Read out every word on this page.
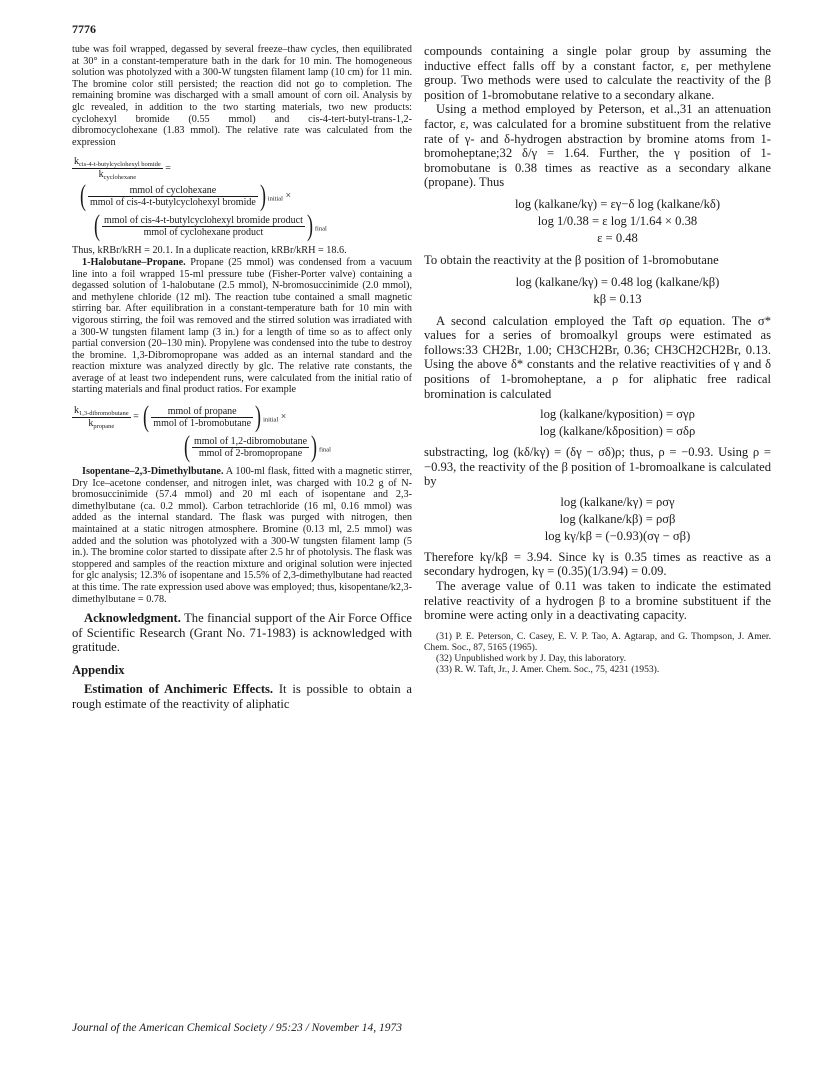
7776

tube was foil wrapped, degassed by several freeze–thaw cycles, then equilibrated at 30° in a constant-temperature bath in the dark for 10 min. The homogeneous solution was photolyzed with a 300-W tungsten filament lamp (10 cm) for 11 min. The bromine color still persisted; the reaction did not go to completion. The remaining bromine was discharged with a small amount of corn oil. Analysis by glc revealed, in addition to the two starting materials, two new products: cyclohexyl bromide (0.55 mmol) and cis-4-tert-butyl-trans-1,2-dibromocyclohexane (1.83 mmol). The relative rate was calculated from the expression

$\frac{k_{cis-4-t-butylcyclohexyl bomide}}{k_{cyclohexane}}$ =
( $\frac{\text{mmol of cyclohexane}}{\text{mmol of cis-4-t-butylcyclohexyl bromide}}$ ) $_{initial}$ ×
( $\frac{\text{mmol of cis-4-t-butylcyclohexyl bromide product}}{\text{mmol of cyclohexane product}}$ ) $_{final}$

Thus, kRBr/kRH = 20.1. In a duplicate reaction, kRBr/kRH = 18.6.

1-Halobutane–Propane. Propane (25 mmol) was condensed from a vacuum line into a foil wrapped 15-ml pressure tube (Fisher-Porter valve) containing a degassed solution of 1-halobutane (2.5 mmol), N-bromosuccinimide (2.0 mmol), and methylene chloride (12 ml). The reaction tube contained a small magnetic stirring bar. After equilibration in a constant-temperature bath for 10 min with vigorous stirring, the foil was removed and the stirred solution was irradiated with a 300-W tungsten filament lamp (3 in.) for a length of time so as to affect only partial conversion (20–130 min). Propylene was condensed into the tube to destroy the bromine. 1,3-Dibromopropane was added as an internal standard and the reaction mixture was analyzed directly by glc. The relative rate constants, the average of at least two independent runs, were calculated from the initial ratio of starting materials and final product ratios. For example

$\frac{k_{1,3-dibromobutane}}{k_{propane}}$ = ( $\frac{\text{mmol of propane}}{\text{mmol of 1-bromobutane}}$ ) $_{initial}$ ×
( $\frac{\text{mmol of 1,2-dibromobutane}}{\text{mmol of 2-bromopropane}}$ ) $_{final}$

Isopentane–2,3-Dimethylbutane. A 100-ml flask, fitted with a magnetic stirrer, Dry Ice–acetone condenser, and nitrogen inlet, was charged with 10.2 g of N-bromosuccinimide (57.4 mmol) and 20 ml each of isopentane and 2,3-dimethylbutane (ca. 0.2 mmol). Carbon tetrachloride (16 ml, 0.16 mmol) was added as the internal standard. The flask was purged with nitrogen, then maintained at a static nitrogen atmosphere. Bromine (0.13 ml, 2.5 mmol) was added and the solution was photolyzed with a 300-W tungsten filament lamp (5 in.). The bromine color started to dissipate after 2.5 hr of photolysis. The flask was stoppered and samples of the reaction mixture and original solution were injected for glc analysis; 12.3% of isopentane and 15.5% of 2,3-dimethylbutane had reacted at this time. The rate expression used above was employed; thus, kisopentane/k2,3-dimethylbutane = 0.78.

Acknowledgment. The financial support of the Air Force Office of Scientific Research (Grant No. 71-1983) is acknowledged with gratitude.

Appendix

Estimation of Anchimeric Effects. It is possible to obtain a rough estimate of the reactivity of aliphatic

compounds containing a single polar group by assuming the inductive effect falls off by a constant factor, ε, per methylene group. Two methods were used to calculate the reactivity of the β position of 1-bromobutane relative to a secondary alkane.

Using a method employed by Peterson, et al.,31 an attenuation factor, ε, was calculated for a bromine substituent from the relative rate of γ- and δ-hydrogen abstraction by bromine atoms from 1-bromoheptane;32 δ/γ = 1.64. Further, the γ position of 1-bromobutane is 0.38 times as reactive as a secondary alkane (propane). Thus

log (kalkane/kγ) = εγ−δ log (kalkane/kδ)
log 1/0.38 = ε log 1/1.64 × 0.38
ε = 0.48

To obtain the reactivity at the β position of 1-bromobutane

log (kalkane/kγ) = 0.48 log (kalkane/kβ)
kβ = 0.13

A second calculation employed the Taft σρ equation. The σ* values for a series of bromoalkyl groups were estimated as follows:33 CH2Br, 1.00; CH3CH2Br, 0.36; CH3CH2CH2Br, 0.13. Using the above δ* constants and the relative reactivities of γ and δ positions of 1-bromoheptane, a ρ for aliphatic free radical bromination is calculated

log (kalkane/kγposition) = σγρ
log (kalkane/kδposition) = σδρ

substracting, log (kδ/kγ) = (δγ − σδ)ρ; thus, ρ = −0.93. Using ρ = −0.93, the reactivity of the β position of 1-bromoalkane is calculated by

log (kalkane/kγ) = ρσγ
log (kalkane/kβ) = ρσβ
log kγ/kβ = (−0.93)(σγ − σβ)

Therefore kγ/kβ = 3.94. Since kγ is 0.35 times as reactive as a secondary hydrogen, kγ = (0.35)(1/3.94) = 0.09.

The average value of 0.11 was taken to indicate the estimated relative reactivity of a hydrogen β to a bromine substituent if the bromine were acting only in a deactivating capacity.

(31) P. E. Peterson, C. Casey, E. V. P. Tao, A. Agtarap, and G. Thompson, J. Amer. Chem. Soc., 87, 5165 (1965).

(32) Unpublished work by J. Day, this laboratory.

(33) R. W. Taft, Jr., J. Amer. Chem. Soc., 75, 4231 (1953).

Journal of the American Chemical Society / 95:23 / November 14, 1973
